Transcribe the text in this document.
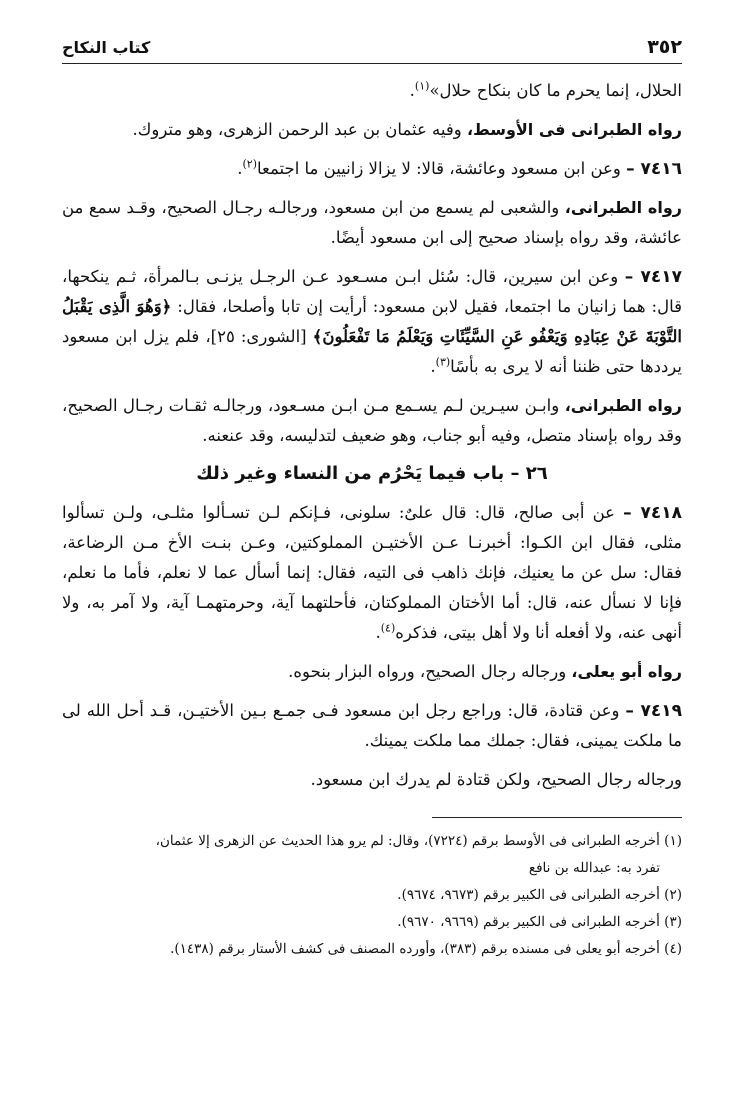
٣٥٢
كتاب النكاح

الحلال، إنما يحرم ما كان بنكاح حلال»$^{(١)}$.

رواه الطبرانى فى الأوسط، وفيه عثمان بن عبد الرحمن الزهرى، وهو متروك.

٧٤١٦ – وعن ابن مسعود وعائشة، قالا: لا يزالا زانيين ما اجتمعا$^{(٢)}$.

رواه الطبرانى، والشعبى لم يسمع من ابن مسعود، ورجالـه رجـال الصحيح، وقـد سمع من عائشة، وقد رواه بإسناد صحيح إلى ابن مسعود أيضًا.

٧٤١٧ – وعن ابن سيرين، قال: سُئل ابـن مسـعود عـن الرجـل يزنـى بـالمرأة، ثـم ينكحها، قال: هما زانيان ما اجتمعا، فقيل لابن مسعود: أرأيت إن تابا وأصلحا، فقال: ﴿وَهُوَ الَّذِى يَقْبَلُ التَّوْبَةَ عَنْ عِبَادِهِ وَيَعْفُو عَنِ السَّيِّئَاتِ وَيَعْلَمُ مَا تَفْعَلُونَ﴾ [الشورى: ٢٥]، فلم يزل ابن مسعود يرددها حتى ظننا أنه لا يرى به بأسًا$^{(٣)}$.

رواه الطبرانى، وابـن سيـرين لـم يسـمع مـن ابـن مسـعود، ورجالـه ثقـات رجـال الصحيح، وقد رواه بإسناد متصل، وفيه أبو جناب، وهو ضعيف لتدليسه، وقد عنعنه.

٢٦ – باب فيما يَحْرُم من النساء وغير ذلك

٧٤١٨ – عن أبى صالح، قال: قال علىٌ: سلونى، فـإنكم لـن تسـألوا مثلـى، ولـن تسألوا مثلى، فقال ابن الكـوا: أخبرنـا عـن الأختيـن المملوكتين، وعـن بنـت الأخ مـن الرضاعة، فقال: سل عن ما يعنيك، فإنك ذاهب فى التيه، فقال: إنما أسأل عما لا نعلم، فأما ما نعلم، فإنا لا نسأل عنه، قال: أما الأختان المملوكتان، فأحلتهما آية، وحرمتهمـا آية، ولا آمر به، ولا أنهى عنه، ولا أفعله أنا ولا أهل بيتى، فذكره$^{(٤)}$.

رواه أبو يعلى، ورجاله رجال الصحيح، ورواه البزار بنحوه.

٧٤١٩ – وعن قتادة، قال: وراجع رجل ابن مسعود فـى جمـع بـين الأختيـن، قـد أحل الله لى ما ملكت يمينى، فقال: جملك مما ملكت يمينك.

ورجاله رجال الصحيح، ولكن قتادة لم يدرك ابن مسعود.

(١) أخرجه الطبرانى فى الأوسط برقم (٧٢٢٤)، وقال: لم يرو هذا الحديث عن الزهرى إلا عثمان،

تفرد به: عبدالله بن نافع

(٢) أخرجه الطبرانى فى الكبير برقم (٩٦٧٣، ٩٦٧٤).

(٣) أخرجه الطبرانى فى الكبير برقم (٩٦٦٩، ٩٦٧٠).

(٤) أخرجه أبو يعلى فى مسنده برقم (٣٨٣)، وأورده المصنف فى كشف الأستار برقم (١٤٣٨).
